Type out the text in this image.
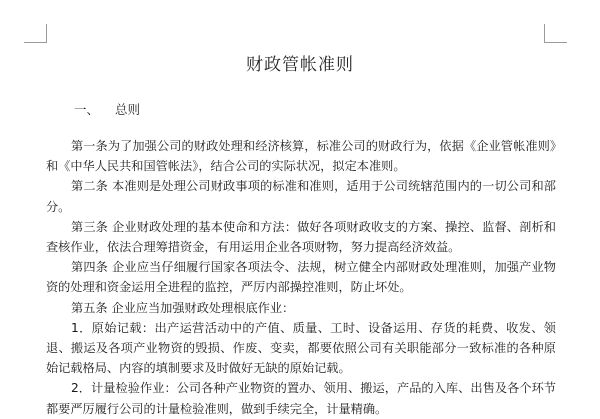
财政管帐准则
一、 总则

第一条为了加强公司的财政处理和经济核算，标准公司的财政行为，依据《企业管帐准则》和《中华人民共和国管帐法》，结合公司的实际状况，拟定本准则。

第二条 本准则是处理公司财政事项的标准和准则，适用于公司统辖范围内的一切公司和部分。

第三条 企业财政处理的基本使命和方法：做好各项财政收支的方案、操控、监督、剖析和查核作业，依法合理筹措资金，有用运用企业各项财物，努力提高经济效益。

第四条 企业应当仔细履行国家各项法令、法规，树立健全内部财政处理准则，加强产业物资的处理和资金运用全进程的监控，严厉内部操控准则，防止坏处。

第五条 企业应当加强财政处理根底作业：

1．原始记载：出产运营活动中的产值、质量、工时、设备运用、存货的耗费、收发、领退、搬运及各项产业物资的毁损、作废、变卖，都要依照公司有关职能部分一致标准的各种原始记载格局、内容的填制要求及时做好无缺的原始记载。

2．计量检验作业：公司各种产业物资的置办、领用、搬运，产品的入库、出售及各个环节都要严厉履行公司的计量检验准则，做到手续完全，计量精确。
